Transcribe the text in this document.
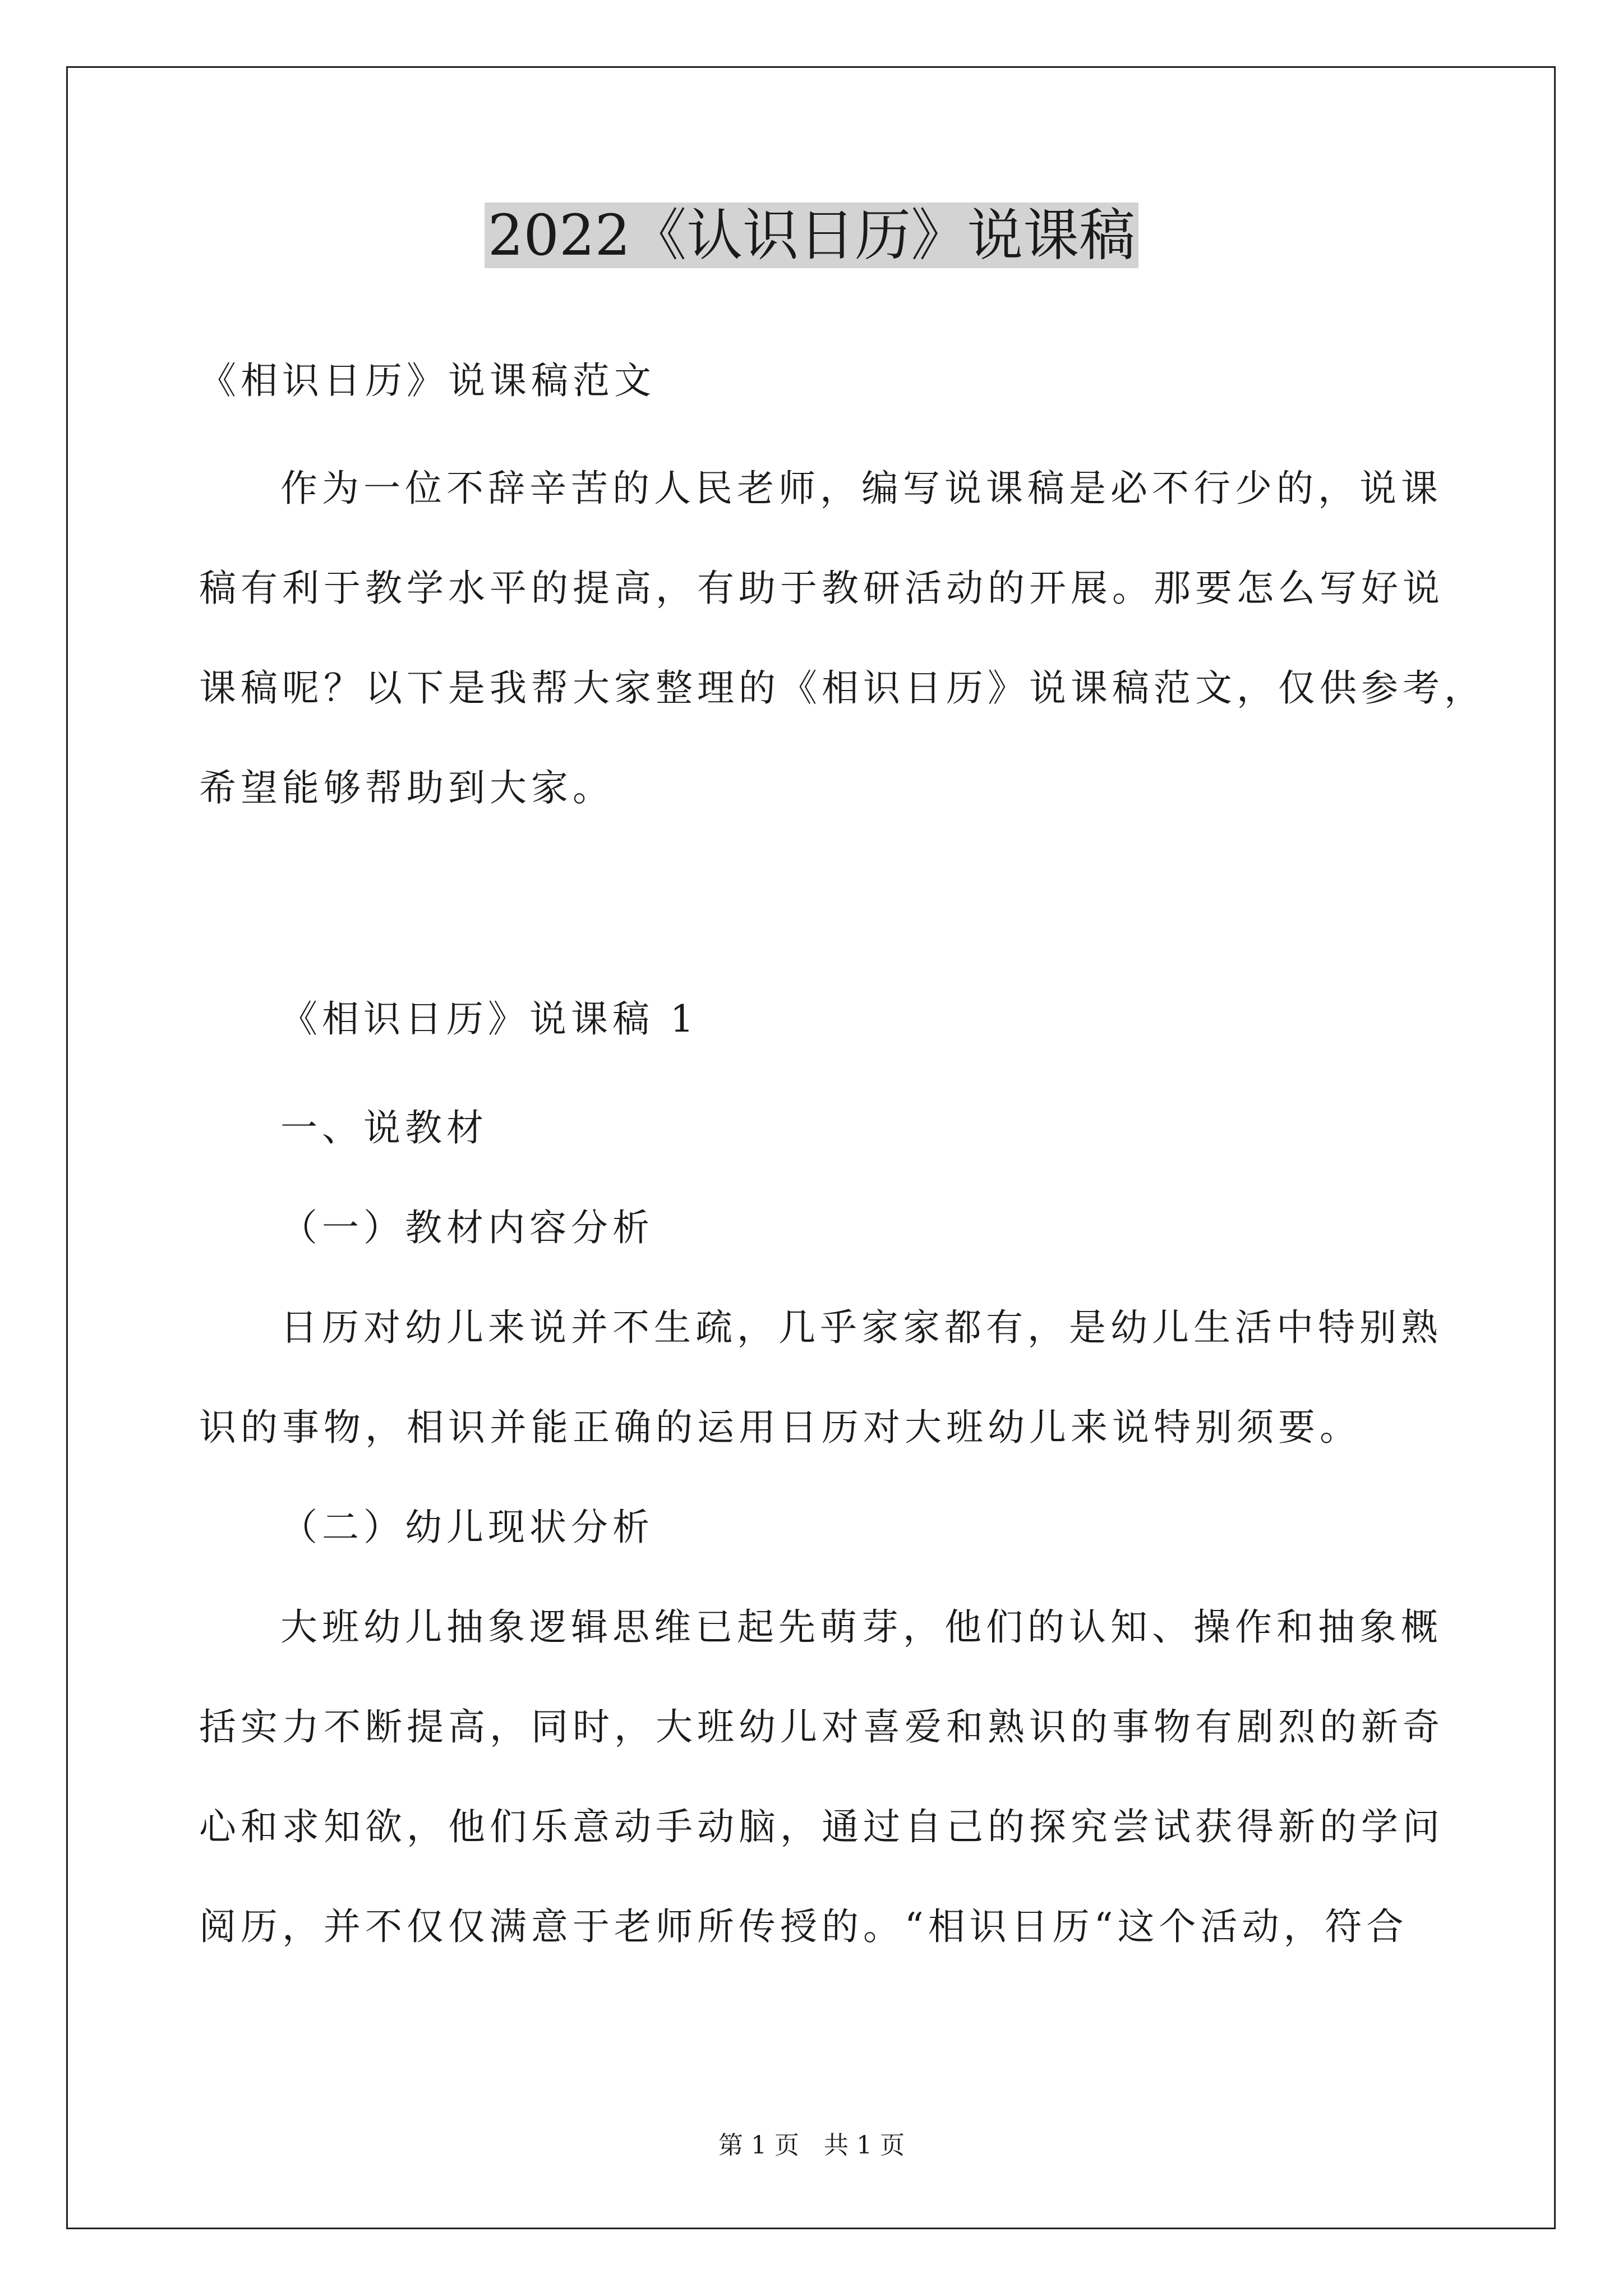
2022《认识日历》说课稿
《相识日历》说课稿范文
作为一位不辞辛苦的人民老师，编写说课稿是必不行少的，说课
稿有利于教学水平的提高，有助于教研活动的开展。那要怎么写好说
课稿呢？以下是我帮大家整理的《相识日历》说课稿范文，仅供参考，
希望能够帮助到大家。
《相识日历》说课稿 1
一、说教材
（一）教材内容分析
日历对幼儿来说并不生疏，几乎家家都有，是幼儿生活中特别熟
识的事物，相识并能正确的运用日历对大班幼儿来说特别须要。
（二）幼儿现状分析
大班幼儿抽象逻辑思维已起先萌芽，他们的认知、操作和抽象概
括实力不断提高，同时，大班幼儿对喜爱和熟识的事物有剧烈的新奇
心和求知欲，他们乐意动手动脑，通过自己的探究尝试获得新的学问
阅历，并不仅仅满意于老师所传授的。“相识日历“这个活动，符合
第 1 页　共 1 页
